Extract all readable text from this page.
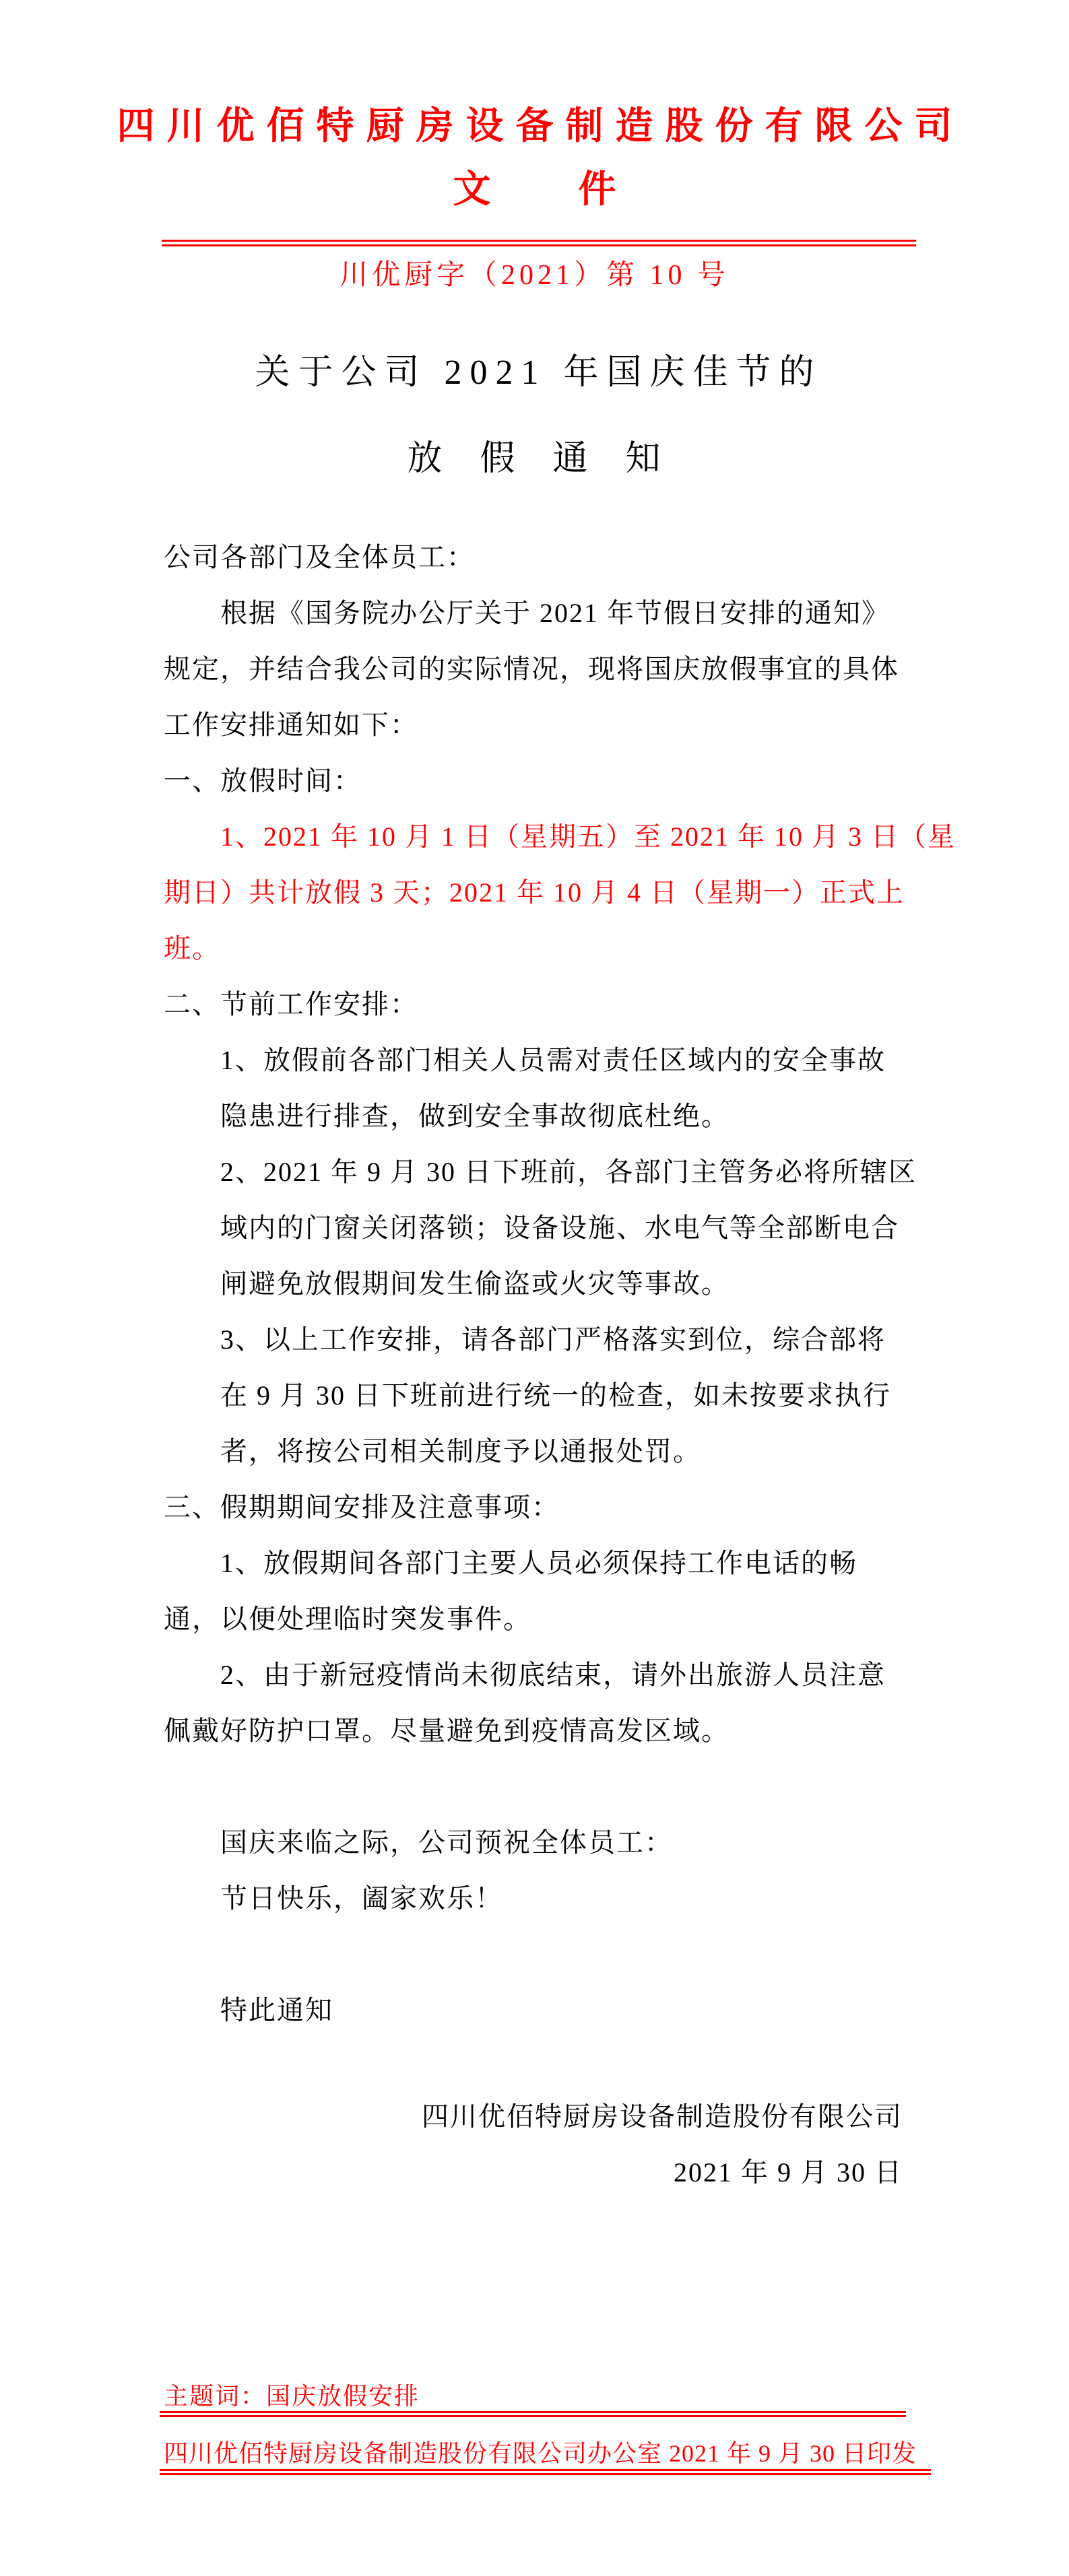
四川优佰特厨房设备制造股份有限公司
文件
川优厨字（2021）第 10 号
关于公司 2021 年国庆佳节的
放　假　通　知
公司各部门及全体员工：
根据《国务院办公厅关于 2021 年节假日安排的通知》
规定，并结合我公司的实际情况，现将国庆放假事宜的具体
工作安排通知如下：
一、放假时间：
1、2021 年 10 月 1 日（星期五）至 2021 年 10 月 3 日（星
期日）共计放假 3 天；2021 年 10 月 4 日（星期一）正式上
班。
二、节前工作安排：
1、放假前各部门相关人员需对责任区域内的安全事故
隐患进行排查，做到安全事故彻底杜绝。
2、2021 年 9 月 30 日下班前，各部门主管务必将所辖区
域内的门窗关闭落锁；设备设施、水电气等全部断电合
闸避免放假期间发生偷盗或火灾等事故。
3、以上工作安排，请各部门严格落实到位，综合部将
在 9 月 30 日下班前进行统一的检查，如未按要求执行
者，将按公司相关制度予以通报处罚。
三、假期期间安排及注意事项：
1、放假期间各部门主要人员必须保持工作电话的畅
通，以便处理临时突发事件。
2、由于新冠疫情尚未彻底结束，请外出旅游人员注意
佩戴好防护口罩。尽量避免到疫情高发区域。
国庆来临之际，公司预祝全体员工：
节日快乐，阖家欢乐！
特此通知
四川优佰特厨房设备制造股份有限公司
2021 年 9 月 30 日
主题词：国庆放假安排
四川优佰特厨房设备制造股份有限公司办公室 2021 年 9 月 30 日印发
